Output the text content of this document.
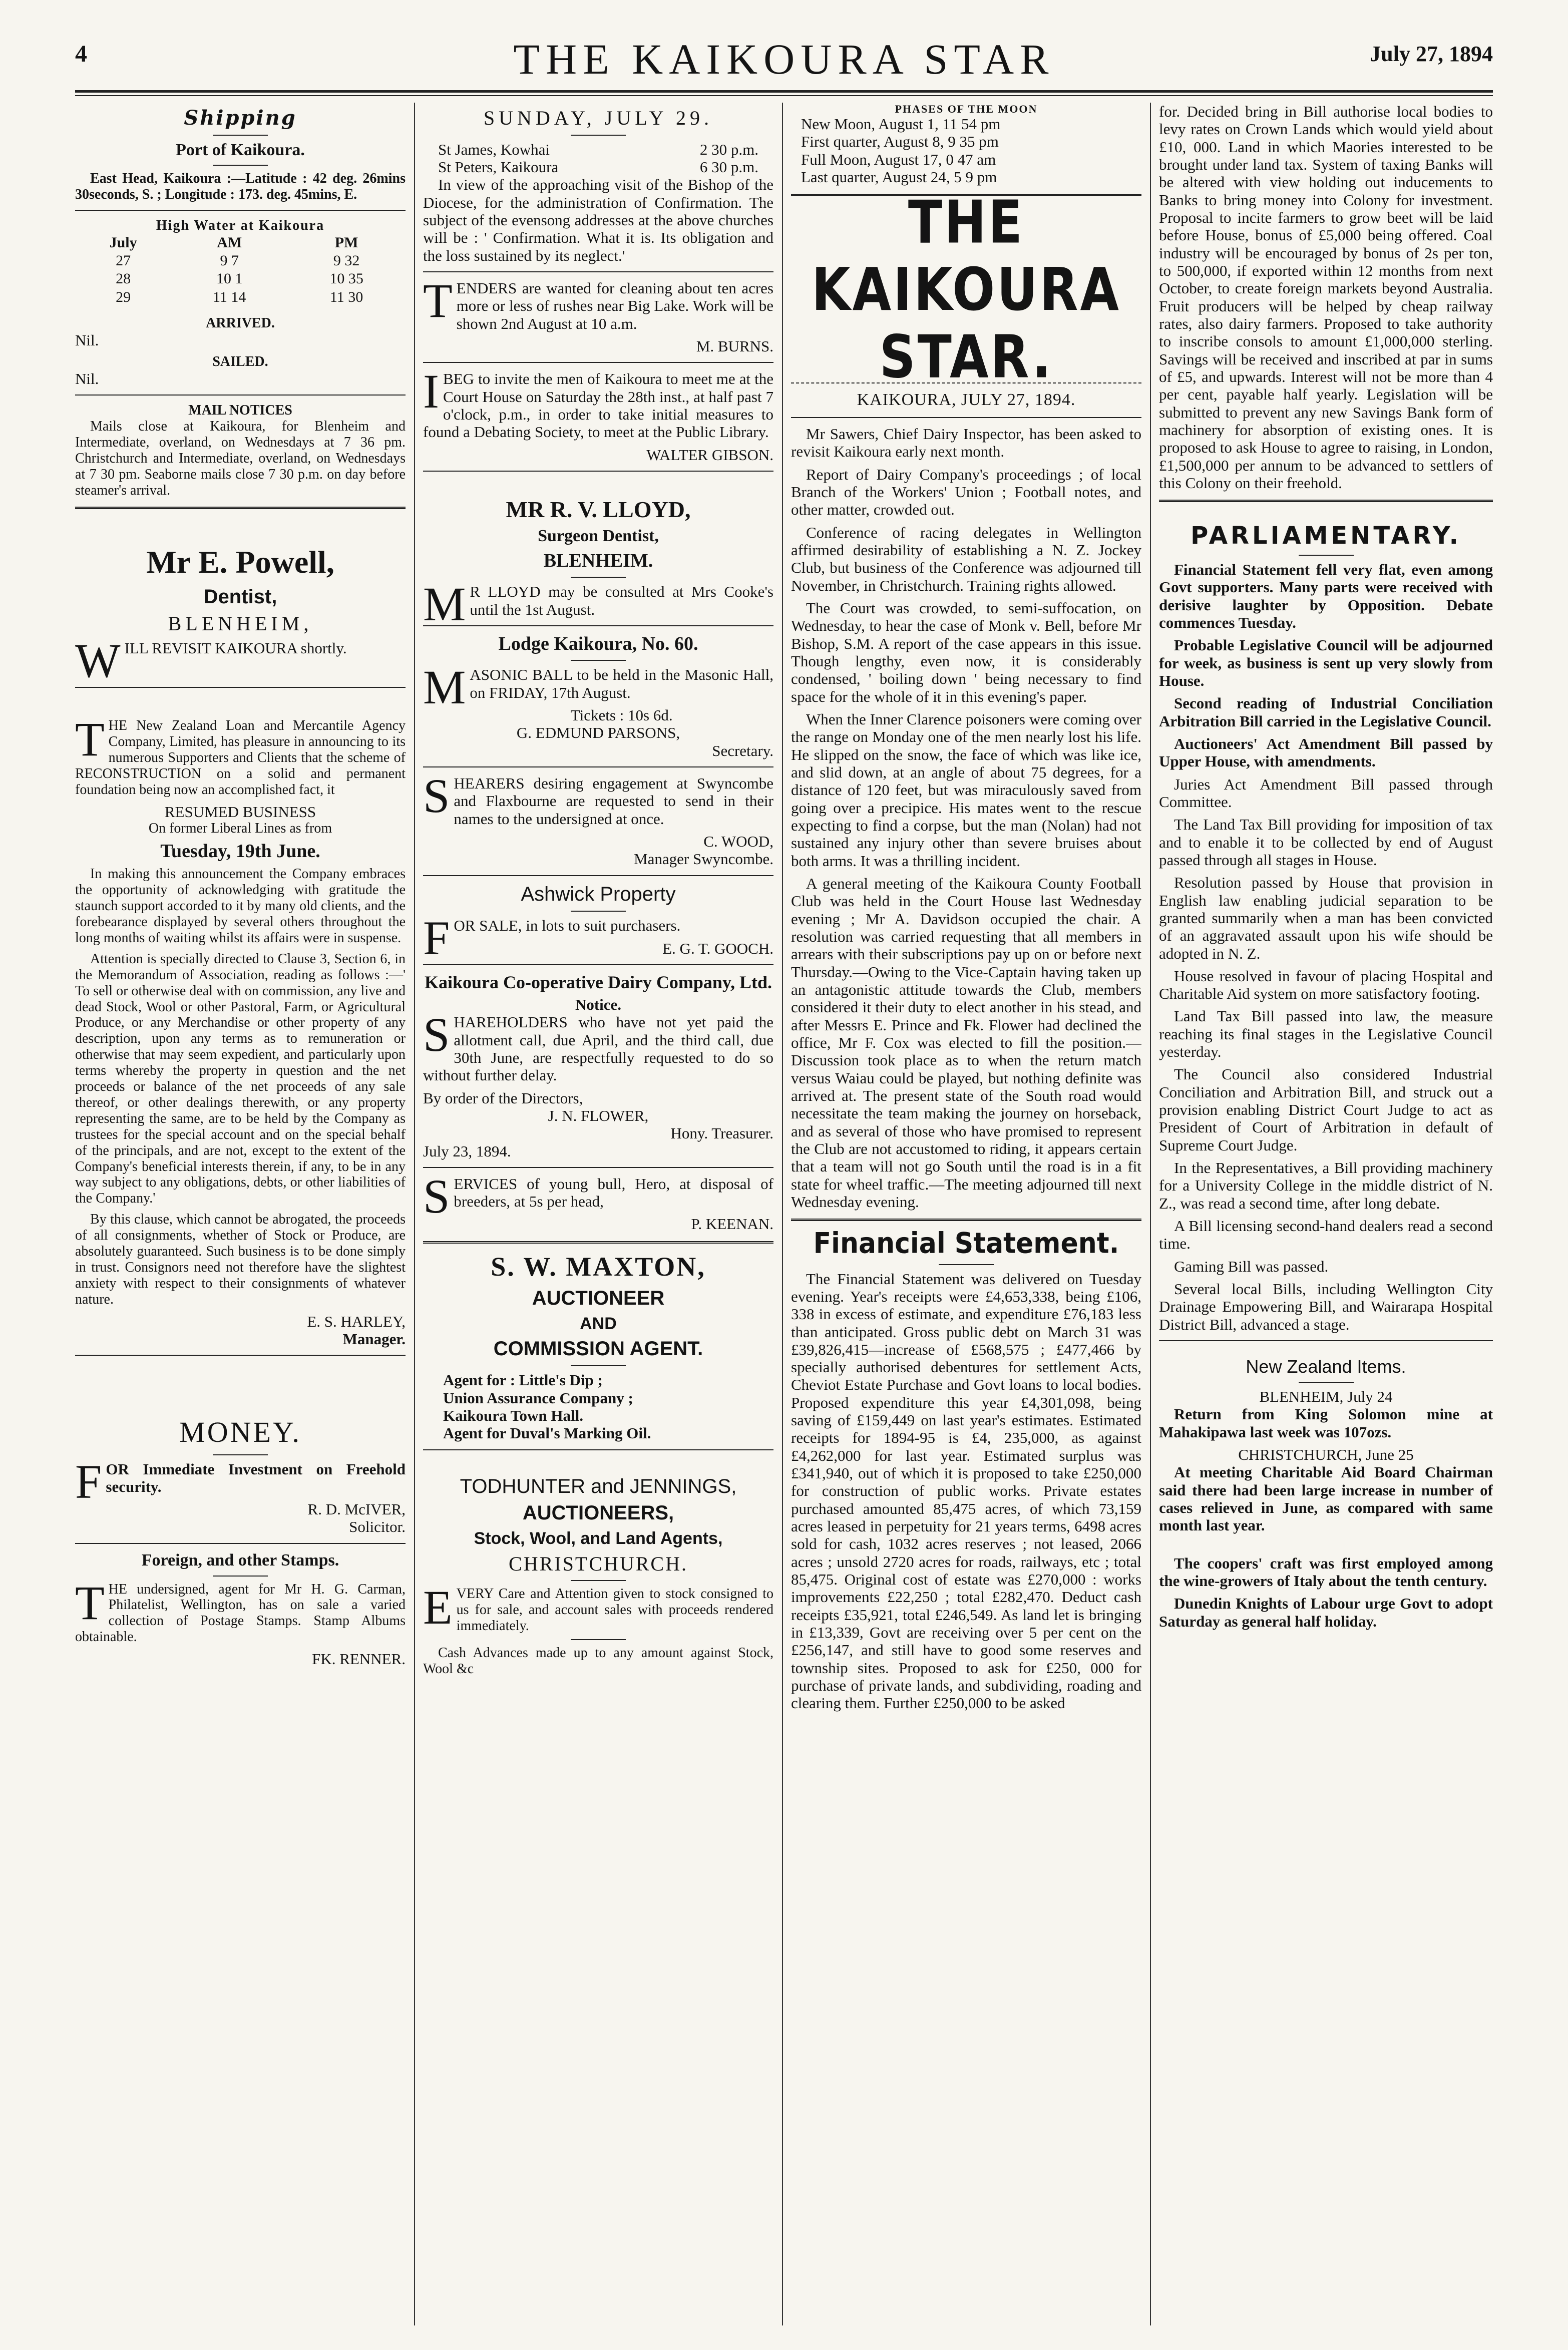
4	THE KAIKOURA STAR	July 27, 1894
Shipping
Port of Kaikoura.

East Head, Kaikoura :—Latitude : 42 deg. 26mins 30seconds, S. ; Longitude : 173. deg. 45mins, E.

High Water at Kaikoura
July	AM	PM
27	9 7	9 32
28	10 1	10 35
29	11 14	11 30
ARRIVED.

Nil.

SAILED.

Nil.

MAIL NOTICES

Mails close at Kaikoura, for Blenheim and Intermediate, overland, on Wednesdays at 7 36 pm. Christchurch and Intermediate, overland, on Wednesdays at 7 30 pm. Seaborne mails close 7 30 p.m. on day before steamer's arrival.

Mr E. Powell,
Dentist,
BLENHEIM,

WILL REVISIT KAIKOURA shortly.

THE New Zealand Loan and Mercantile Agency Company, Limited, has pleasure in announcing to its numerous Supporters and Clients that the scheme of RECONSTRUCTION on a solid and permanent foundation being now an accomplished fact, it

RESUMED BUSINESS
On former Liberal Lines as from
Tuesday, 19th June.

In making this announcement the Company embraces the opportunity of acknowledging with gratitude the staunch support accorded to it by many old clients, and the forebearance displayed by several others throughout the long months of waiting whilst its affairs were in suspense.

Attention is specially directed to Clause 3, Section 6, in the Memorandum of Association, reading as follows :—' To sell or otherwise deal with on commission, any live and dead Stock, Wool or other Pastoral, Farm, or Agricultural Produce, or any Merchandise or other property of any description, upon any terms as to remuneration or otherwise that may seem expedient, and particularly upon terms whereby the property in question and the net proceeds or balance of the net proceeds of any sale thereof, or other dealings therewith, or any property representing the same, are to be held by the Company as trustees for the special account and on the special behalf of the principals, and are not, except to the extent of the Company's beneficial interests therein, if any, to be in any way subject to any obligations, debts, or other liabilities of the Company.'

By this clause, which cannot be abrogated, the proceeds of all consignments, whether of Stock or Produce, are absolutely guaranteed. Such business is to be done simply in trust. Consignors need not therefore have the slightest anxiety with respect to their consignments of whatever nature.

E. S. HARLEY,
Manager.
MONEY.

FOR Immediate Investment on Freehold security.

R. D. McIVER,
Solicitor.
Foreign, and other Stamps.

THE undersigned, agent for Mr H. G. Carman, Philatelist, Wellington, has on sale a varied collection of Postage Stamps. Stamp Albums obtainable.

FK. RENNER.
SUNDAY, JULY 29.
St James, Kowhai	2 30 p.m.
St Peters, Kaikoura	6 30 p.m.

In view of the approaching visit of the Bishop of the Diocese, for the administration of Confirmation. The subject of the evensong addresses at the above churches will be : ' Confirmation. What it is. Its obligation and the loss sustained by its neglect.'

TENDERS are wanted for cleaning about ten acres more or less of rushes near Big Lake. Work will be shown 2nd August at 10 a.m.

M. BURNS.

IBEG to invite the men of Kaikoura to meet me at the Court House on Saturday the 28th inst., at half past 7 o'clock, p.m., in order to take initial measures to found a Debating Society, to meet at the Public Library.

WALTER GIBSON.
MR R. V. LLOYD,
Surgeon Dentist,
BLENHEIM.

MR LLOYD may be consulted at Mrs Cooke's until the 1st August.

Lodge Kaikoura, No. 60.

MASONIC BALL to be held in the Masonic Hall, on FRIDAY, 17th August.

Tickets : 10s 6d.
G. EDMUND PARSONS,
Secretary.

SHEARERS desiring engagement at Swyncombe and Flaxbourne are requested to send in their names to the undersigned at once.

C. WOOD,
Manager Swyncombe.
Ashwick Property

FOR SALE, in lots to suit purchasers.

E. G. T. GOOCH.
Kaikoura Co-operative Dairy Company, Ltd.
Notice.

SHAREHOLDERS who have not yet paid the allotment call, due April, and the third call, due 30th June, are respectfully requested to do so without further delay.

By order of the Directors,
J. N. FLOWER,
Hony. Treasurer.
July 23, 1894.

SERVICES of young bull, Hero, at disposal of breeders, at 5s per head,

P. KEENAN.
S. W. MAXTON,
AUCTIONEER
AND
COMMISSION AGENT.
Agent for : Little's Dip ;
Union Assurance Company ;
Kaikoura Town Hall.
Agent for Duval's Marking Oil.
TODHUNTER and JENNINGS,
AUCTIONEERS,
Stock, Wool, and Land Agents,
CHRISTCHURCH.

EVERY Care and Attention given to stock consigned to us for sale, and account sales with proceeds rendered immediately.

Cash Advances made up to any amount against Stock, Wool &c

PHASES OF THE MOON
New Moon, August 1, 11 54 pm
First quarter, August 8, 9 35 pm
Full Moon, August 17, 0 47 am
Last quarter, August 24, 5 9 pm
THE KAIKOURA STAR.
KAIKOURA, JULY 27, 1894.

Mr Sawers, Chief Dairy Inspector, has been asked to revisit Kaikoura early next month.

Report of Dairy Company's proceedings ; of local Branch of the Workers' Union ; Football notes, and other matter, crowded out.

Conference of racing delegates in Wellington affirmed desirability of establishing a N. Z. Jockey Club, but business of the Conference was adjourned till November, in Christchurch. Training rights allowed.

The Court was crowded, to semi-suffocation, on Wednesday, to hear the case of Monk v. Bell, before Mr Bishop, S.M. A report of the case appears in this issue. Though lengthy, even now, it is considerably condensed, ' boiling down ' being necessary to find space for the whole of it in this evening's paper.

When the Inner Clarence poisoners were coming over the range on Monday one of the men nearly lost his life. He slipped on the snow, the face of which was like ice, and slid down, at an angle of about 75 degrees, for a distance of 120 feet, but was miraculously saved from going over a precipice. His mates went to the rescue expecting to find a corpse, but the man (Nolan) had not sustained any injury other than severe bruises about both arms. It was a thrilling incident.

A general meeting of the Kaikoura County Football Club was held in the Court House last Wednesday evening ; Mr A. Davidson occupied the chair. A resolution was carried requesting that all members in arrears with their subscriptions pay up on or before next Thursday.—Owing to the Vice-Captain having taken up an antagonistic attitude towards the Club, members considered it their duty to elect another in his stead, and after Messrs E. Prince and Fk. Flower had declined the office, Mr F. Cox was elected to fill the position.—Discussion took place as to when the return match versus Waiau could be played, but nothing definite was arrived at. The present state of the South road would necessitate the team making the journey on horseback, and as several of those who have promised to represent the Club are not accustomed to riding, it appears certain that a team will not go South until the road is in a fit state for wheel traffic.—The meeting adjourned till next Wednesday evening.

Financial Statement.

The Financial Statement was delivered on Tuesday evening. Year's receipts were £4,653,338, being £106, 338 in excess of estimate, and expenditure £76,183 less than anticipated. Gross public debt on March 31 was £39,826,415—increase of £568,575 ; £477,466 by specially authorised debentures for settlement Acts, Cheviot Estate Purchase and Govt loans to local bodies. Proposed expenditure this year £4,301,098, being saving of £159,449 on last year's estimates. Estimated receipts for 1894-95 is £4, 235,000, as against £4,262,000 for last year. Estimated surplus was £341,940, out of which it is proposed to take £250,000 for construction of public works. Private estates purchased amounted 85,475 acres, of which 73,159 acres leased in perpetuity for 21 years terms, 6498 acres sold for cash, 1032 acres reserves ; not leased, 2066 acres ; unsold 2720 acres for roads, railways, etc ; total 85,475. Original cost of estate was £270,000 : works improvements £22,250 ; total £282,470. Deduct cash receipts £35,921, total £246,549. As land let is bringing in £13,339, Govt are receiving over 5 per cent on the £256,147, and still have to good some reserves and township sites. Proposed to ask for £250, 000 for purchase of private lands, and subdividing, roading and clearing them. Further £250,000 to be asked

for. Decided bring in Bill authorise local bodies to levy rates on Crown Lands which would yield about £10, 000. Land in which Maories interested to be brought under land tax. System of taxing Banks will be altered with view holding out inducements to Banks to bring money into Colony for investment. Proposal to incite farmers to grow beet will be laid before House, bonus of £5,000 being offered. Coal industry will be encouraged by bonus of 2s per ton, to 500,000, if exported within 12 months from next October, to create foreign markets beyond Australia. Fruit producers will be helped by cheap railway rates, also dairy farmers. Proposed to take authority to inscribe consols to amount £1,000,000 sterling. Savings will be received and inscribed at par in sums of £5, and upwards. Interest will not be more than 4 per cent, payable half yearly. Legislation will be submitted to prevent any new Savings Bank form of machinery for absorption of existing ones. It is proposed to ask House to agree to raising, in London, £1,500,000 per annum to be advanced to settlers of this Colony on their freehold.

PARLIAMENTARY.

Financial Statement fell very flat, even among Govt supporters. Many parts were received with derisive laughter by Opposition. Debate commences Tuesday.

Probable Legislative Council will be adjourned for week, as business is sent up very slowly from House.

Second reading of Industrial Conciliation Arbitration Bill carried in the Legislative Council.

Auctioneers' Act Amendment Bill passed by Upper House, with amendments.

Juries Act Amendment Bill passed through Committee.

The Land Tax Bill providing for imposition of tax and to enable it to be collected by end of August passed through all stages in House.

Resolution passed by House that provision in English law enabling judicial separation to be granted summarily when a man has been convicted of an aggravated assault upon his wife should be adopted in N. Z.

House resolved in favour of placing Hospital and Charitable Aid system on more satisfactory footing.

Land Tax Bill passed into law, the measure reaching its final stages in the Legislative Council yesterday.

The Council also considered Industrial Conciliation and Arbitration Bill, and struck out a provision enabling District Court Judge to act as President of Court of Arbitration in default of Supreme Court Judge.

In the Representatives, a Bill providing machinery for a University College in the middle district of N. Z., was read a second time, after long debate.

A Bill licensing second-hand dealers read a second time.

Gaming Bill was passed.

Several local Bills, including Wellington City Drainage Empowering Bill, and Wairarapa Hospital District Bill, advanced a stage.

New Zealand Items.
BLENHEIM, July 24

Return from King Solomon mine at Mahakipawa last week was 107ozs.

CHRISTCHURCH, June 25

At meeting Charitable Aid Board Chairman said there had been large increase in number of cases relieved in June, as compared with same month last year.

The coopers' craft was first employed among the wine-growers of Italy about the tenth century.

Dunedin Knights of Labour urge Govt to adopt Saturday as general half holiday.
